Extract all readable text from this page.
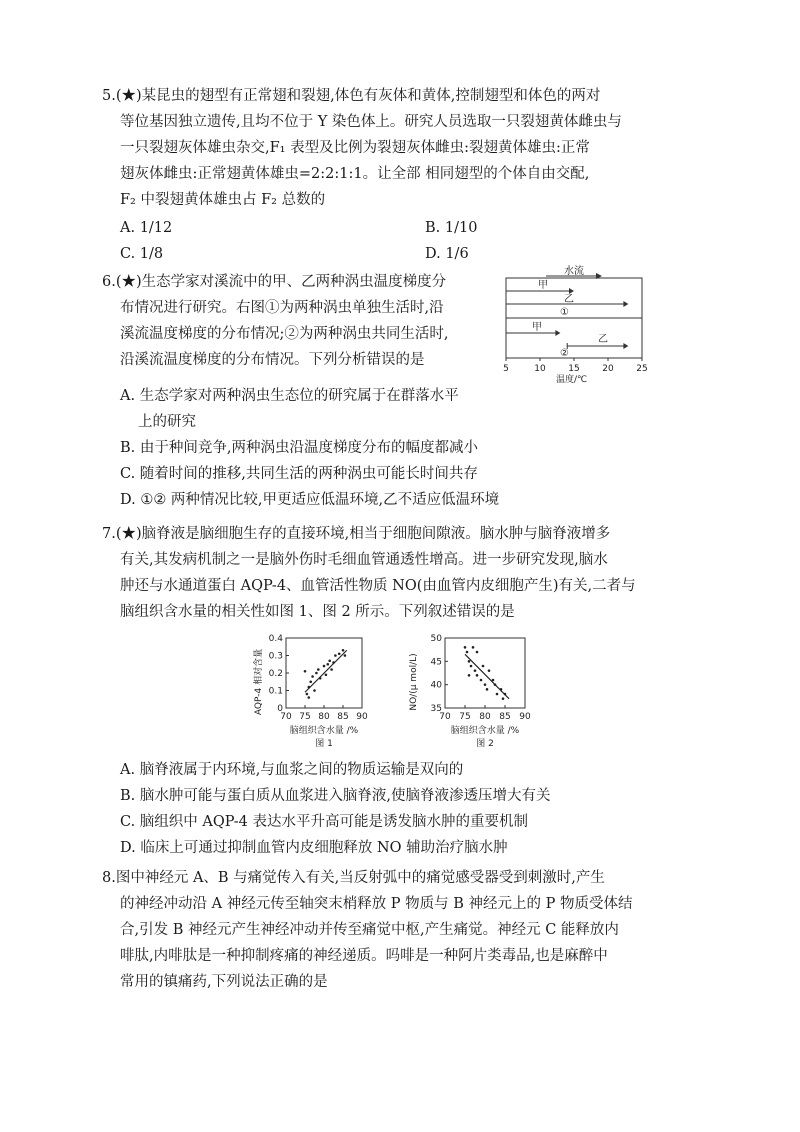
5.(★)某昆虫的翅型有正常翅和裂翅,体色有灰体和黄体,控制翅型和体色的两对
等位基因独立遗传,且均不位于 Y 染色体上。研究人员选取一只裂翅黄体雌虫与
一只裂翅灰体雄虫杂交,F₁ 表型及比例为裂翅灰体雌虫:裂翅黄体雄虫:正常
翅灰体雌虫:正常翅黄体雄虫=2:2:1:1。让全部 相同翅型的个体自由交配,
F₂ 中裂翅黄体雄虫占 F₂ 总数的
A. 1/12	B. 1/10
C. 1/8	D. 1/6
6.(★)生态学家对溪流中的甲、乙两种涡虫温度梯度分
布情况进行研究。右图①为两种涡虫单独生活时,沿
溪流温度梯度的分布情况;②为两种涡虫共同生活时,
沿溪流温度梯度的分布情况。下列分析错误的是
A. 生态学家对两种涡虫生态位的研究属于在群落水平
上的研究
B. 由于种间竞争,两种涡虫沿温度梯度分布的幅度都减小
C. 随着时间的推移,共同生活的两种涡虫可能长时间共存
D. ①② 两种情况比较,甲更适应低温环境,乙不适应低温环境
水流
甲
乙
①
甲
乙
②
5	10	15	20	25
温度/℃
7.(★)脑脊液是脑细胞生存的直接环境,相当于细胞间隙液。脑水肿与脑脊液增多
有关,其发病机制之一是脑外伤时毛细血管通透性增高。进一步研究发现,脑水
肿还与水通道蛋白 AQP-4、血管活性物质 NO(由血管内皮细胞产生)有关,二者与
脑组织含水量的相关性如图 1、图 2 所示。下列叙述错误的是
AQP-4 相对含量 0
0.1
0.2
0.3
0.4
70 75 80 85 90
脑组织含水量 /%
图 1
NO/(μ mol/L) 35
40
45
50
70 75 80 85 90
脑组织含水量 /%
图 2
A. 脑脊液属于内环境,与血浆之间的物质运输是双向的
B. 脑水肿可能与蛋白质从血浆进入脑脊液,使脑脊液渗透压增大有关
C. 脑组织中 AQP-4 表达水平升高可能是诱发脑水肿的重要机制
D. 临床上可通过抑制血管内皮细胞释放 NO 辅助治疗脑水肿
8.图中神经元 A、B 与痛觉传入有关,当反射弧中的痛觉感受器受到刺激时,产生
的神经冲动沿 A 神经元传至轴突末梢释放 P 物质与 B 神经元上的 P 物质受体结
合,引发 B 神经元产生神经冲动并传至痛觉中枢,产生痛觉。神经元 C 能释放内
啡肽,内啡肽是一种抑制疼痛的神经递质。吗啡是一种阿片类毒品,也是麻醉中
常用的镇痛药,下列说法正确的是
